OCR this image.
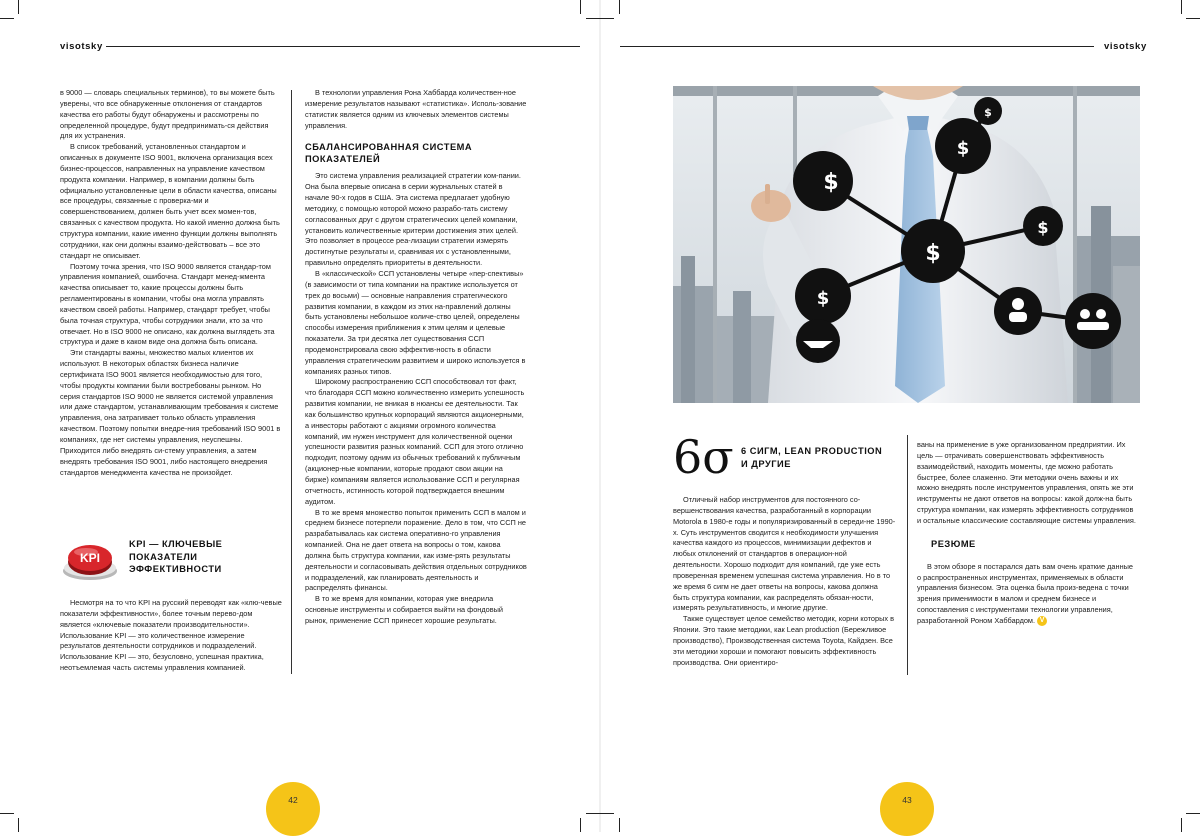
visotsky	visotsky

в 9000 — словарь специальных терминов), то вы можете быть уверены, что все обнаруженные отклонения от стандартов качества его работы будут обнаружены и рассмотрены по определенной процедуре, будут предпринимать-ся действия для их устранения.

В список требований, установленных стандартом и описанных в документе ISO 9001, включена организация всех бизнес-процессов, направленных на управление качеством продукта компании. Например, в компании должны быть официально установленные цели в области качества, описаны все процедуры, связанные с проверка-ми и совершенствованием, должен быть учет всех момен-тов, связанных с качеством продукта. Но какой именно должна быть структура компании, какие именно функции должны выполнять сотрудники, как они должны взаимо-действовать – все это стандарт не описывает.

Поэтому точка зрения, что ISO 9000 является стандар-том управления компанией, ошибочна. Стандарт менед-жмента качества описывает то, какие процессы должны быть регламентированы в компании, чтобы она могла управлять качеством своей работы. Например, стандарт требует, чтобы была точная структура, чтобы сотрудники знали, кто за что отвечает. Но в ISO 9000 не описано, как должна выглядеть эта структура и даже в каком виде она должна быть описана.

Эти стандарты важны, множество малых клиентов их используют. В некоторых областях бизнеса наличие сертификата ISO 9001 является необходимостью для того, чтобы продукты компании были востребованы рынком. Но серия стандартов ISO 9000 не является системой управления или даже стандартом, устанавливающим требования к системе управления, она затрагивает только область управления качеством. Поэтому попытки внедре-ния требований ISO 9001 в компаниях, где нет системы управления, неуспешны. Приходится либо внедрять си-стему управления, а затем внедрять требования ISO 9001, либо настоящего внедрения стандартов менеджмента качества не произойдет.

KPI
KPI — КЛЮЧЕВЫЕ
ПОКАЗАТЕЛИ
ЭФФЕКТИВНОСТИ

Несмотря на то что KPI на русский переводят как «клю-чевые показатели эффективности», более точным перево-дом является «ключевые показатели производительности». Использование KPI — это количественное измерение результатов деятельности сотрудников и подразделений. Использование KPI — это, безусловно, успешная практика, неотъемлемая часть системы управления компанией.

В технологии управления Рона Хаббарда количествен-ное измерение результатов называют «статистика». Исполь-зование статистик является одним из ключевых элементов системы управления.

СБАЛАНСИРОВАННАЯ СИСТЕМА ПОКАЗАТЕЛЕЙ

Это система управления реализацией стратегии ком-пании. Она была впервые описана в серии журнальных статей в начале 90-х годов в США. Эта система предлагает удобную методику, с помощью которой можно разрабо-тать систему согласованных друг с другом стратегических целей компании, установить количественные критерии достижения этих целей. Это позволяет в процессе реа-лизации стратегии измерять достигнутые результаты и, сравнивая их с установленными, правильно определять приоритеты в деятельности.

В «классической» ССП установлены четыре «пер-спективы» (в зависимости от типа компании на практике используется от трех до восьми) — основные направления стратегического развития компании, в каждом из этих на-правлений должны быть установлены небольшое количе-ство целей, определены способы измерения приближения к этим целям и целевые показатели. За три десятка лет существования ССП продемонстрировала свою эффектив-ность в области управления стратегическим развитием и широко используется в компаниях разных типов.

Широкому распространению ССП способствовал тот факт, что благодаря ССП можно количественно измерить успешность развития компании, не вникая в нюансы ее деятельности. Так как большинство крупных корпораций являются акционерными, а инвесторы работают с акциями огромного количества компаний, им нужен инструмент для количественной оценки успешности развития разных компаний. ССП для этого отлично подходит, поэтому одним из обычных требований к публичным (акционер-ные компании, которые продают свои акции на бирже) компаниям является использование ССП и регулярная отчетность, истинность которой подтверждается внешним аудитом.

В то же время множество попыток применить ССП в малом и среднем бизнесе потерпели поражение. Дело в том, что ССП не разрабатывалась как система оперативно-го управления компанией. Она не дает ответа на вопросы о том, какова должна быть структура компании, как изме-рять результаты деятельности и согласовывать действия отдельных сотрудников и подразделений, как планировать деятельность и распределять финансы.

В то же время для компании, которая уже внедрила основные инструменты и собирается выйти на фондовый рынок, применение ССП принесет хорошие результаты.

$
$
$
$
$
$
6σ 6 СИГМ, LEAN PRODUCTION
И ДРУГИЕ

Отличный набор инструментов для постоянного со-вершенствования качества, разработанный в корпорации Motorola в 1980-е годы и популяризированный в середи-не 1990-х. Суть инструментов сводится к необходимости улучшения качества каждого из процессов, минимизации дефектов и любых отклонений от стандартов в операцион-ной деятельности. Хорошо подходит для компаний, где уже есть проверенная временем успешная система управления. Но в то же время 6 сигм не дает ответы на вопросы, какова должна быть структура компании, как распределять обязан-ности, измерять результативность, и многие другие.

Также существует целое семейство методик, корни которых в Японии. Это такие методики, как Lean production (Бережливое производство), Производственная система Toyota, Кайдзен. Все эти методики хороши и помогают повысить эффективность производства. Они ориентиро-

ваны на применение в уже организованном предприятии. Их цель — отрачивать совершенствовать эффективность взаимодействий, находить моменты, где можно работать быстрее, более слаженно. Эти методики очень важны и их можно внедрять после инструментов управления, опять же эти инструменты не дают ответов на вопросы: какой долж-на быть структура компании, как измерять эффективность сотрудников и остальные классические составляющие системы управления.

РЕЗЮМЕ

В этом обзоре я постарался дать вам очень краткие данные о распространенных инструментах, применяемых в области управления бизнесом. Эта оценка была произ-ведена с точки зрения применимости в малом и среднем бизнесе и сопоставления с инструментами технологии управления, разработанной Роном Хаббардом. V

42	43
